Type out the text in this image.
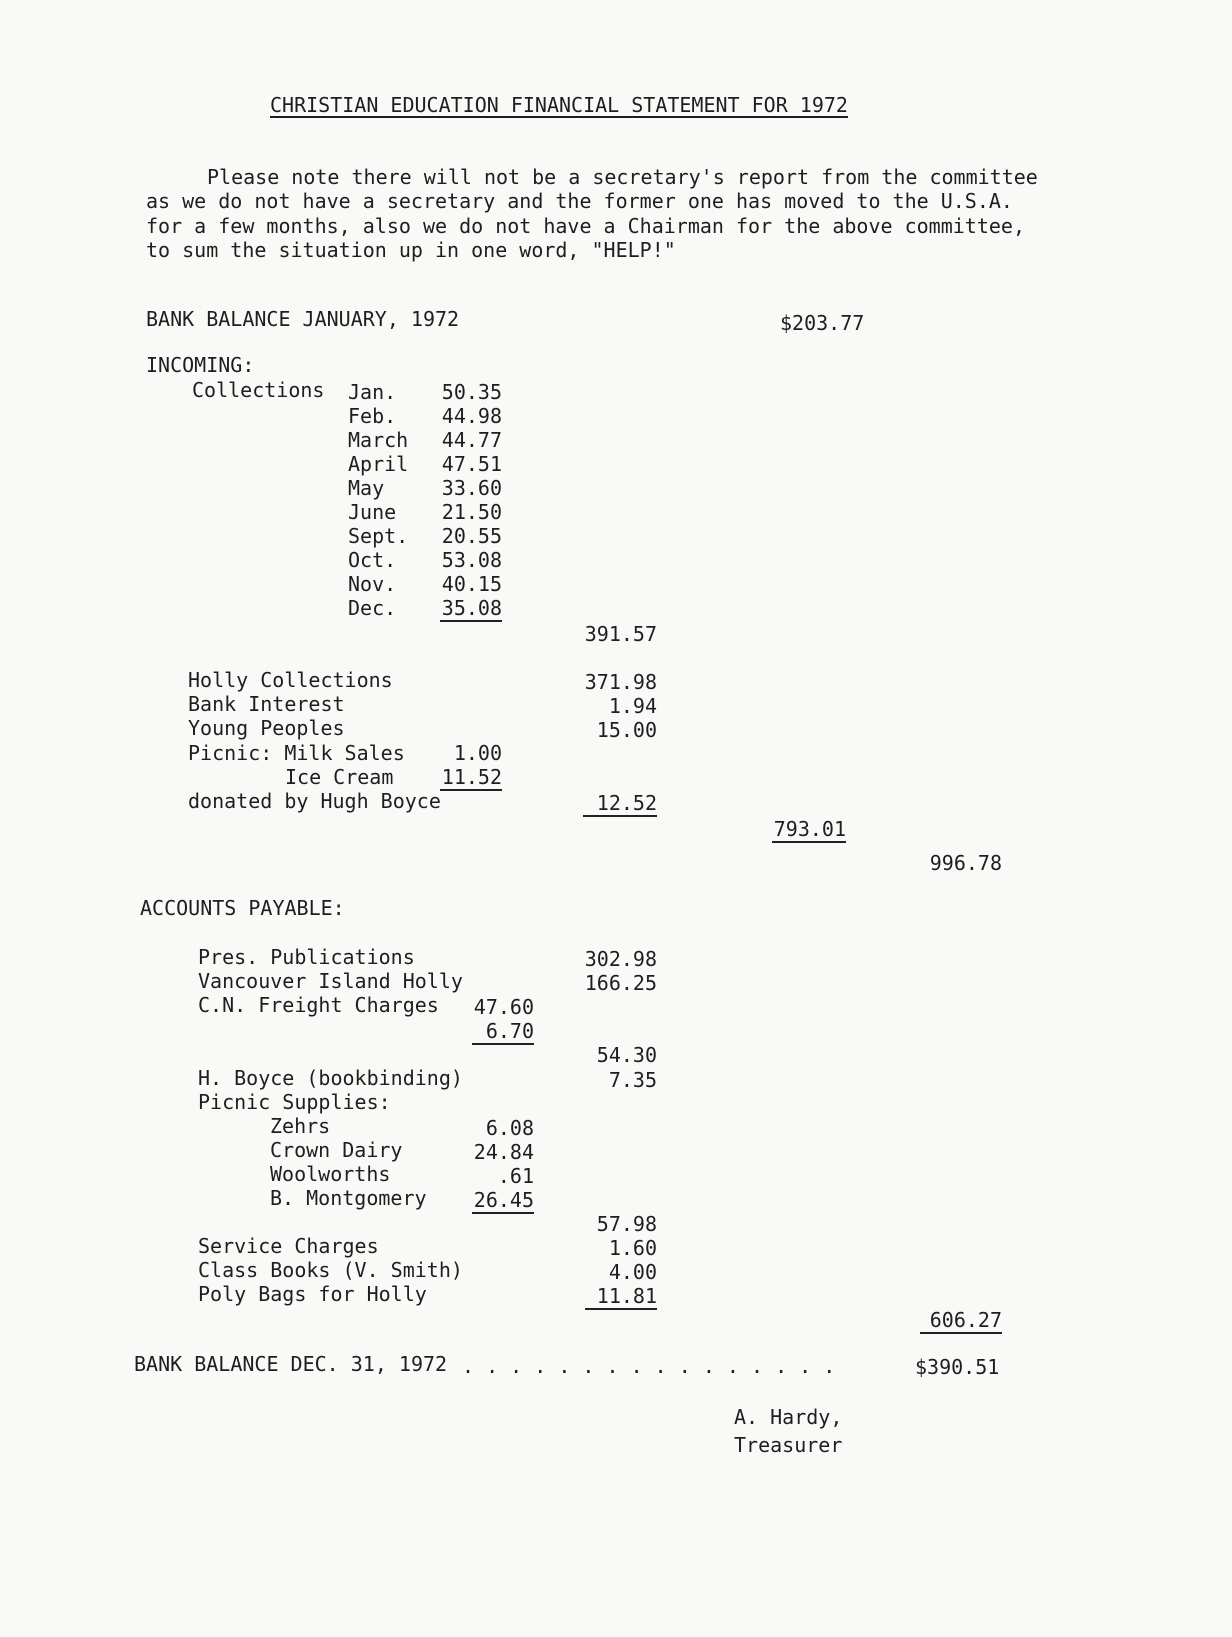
CHRISTIAN EDUCATION FINANCIAL STATEMENT FOR 1972
Please note there will not be a secretary's report from the committee
as we do not have a secretary and the former one has moved to the U.S.A.
for a few months, also we do not have a Chairman for the above committee,
to sum the situation up in one word, "HELP!"
BANK BALANCE JANUARY, 1972	$203.77
INCOMING:
Collections Jan.	50.35
Feb.	44.98
March	44.77
April	47.51
May	33.60
June	21.50
Sept.	20.55
Oct.	53.08
Nov.	40.15
Dec. 35.08
391.57
Holly Collections	371.98
Bank Interest	1.94
Young Peoples	15.00
Picnic: Milk Sales	1.00
Ice Cream 11.52
donated by Hugh Boyce	12.52
793.01
996.78
ACCOUNTS PAYABLE:
Pres. Publications	302.98
Vancouver Island Holly	166.25
C.N. Freight Charges	47.60
6.70
54.30
H. Boyce (bookbinding)	7.35
Picnic Supplies:
Zehrs	6.08
Crown Dairy	24.84
Woolworths	.61
B. Montgomery 26.45
57.98
Service Charges	1.60
Class Books (V. Smith)	4.00
Poly Bags for Holly	11.81
606.27
BANK BALANCE DEC. 31, 1972 . . . . . . . . . . . . . . . .	$390.51
A. Hardy,
Treasurer
